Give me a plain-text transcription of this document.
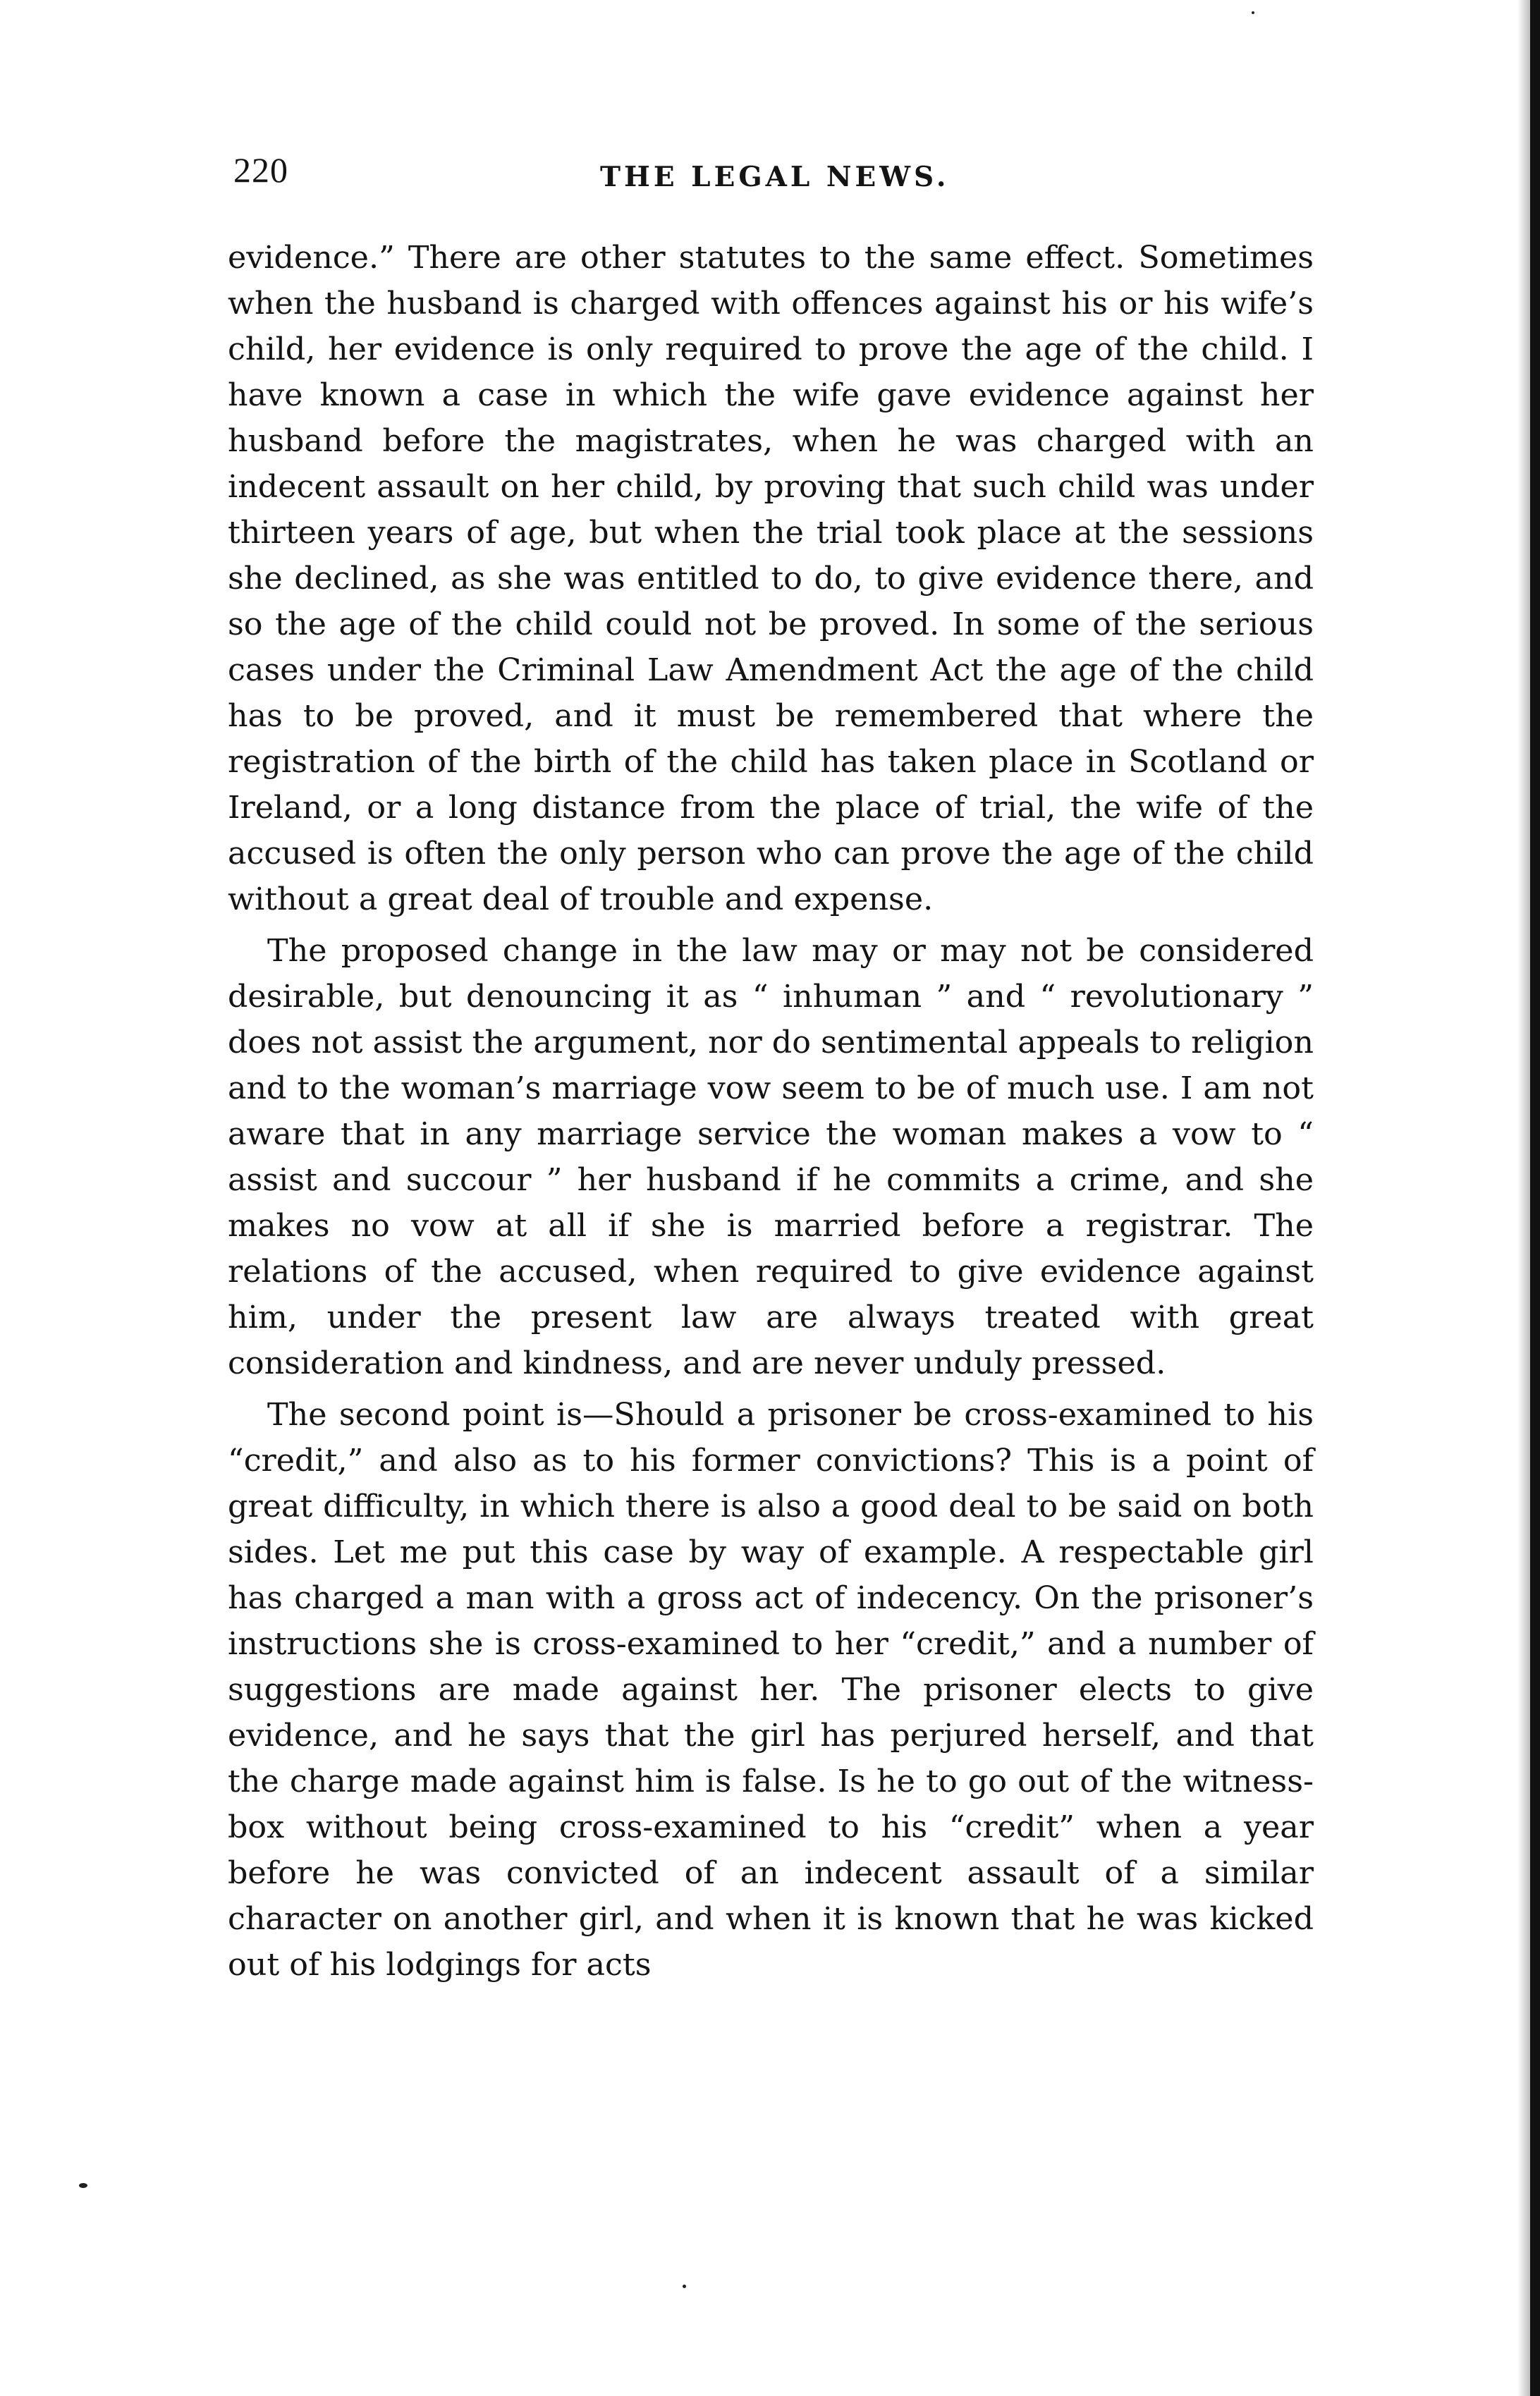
220	THE LEGAL NEWS.

evidence.” There are other statutes to the same effect. Sometimes when the husband is charged with offences against his or his wife’s child, her evidence is only required to prove the age of the child. I have known a case in which the wife gave evidence against her husband before the magistrates, when he was charged with an indecent assault on her child, by proving that such child was under thirteen years of age, but when the trial took place at the sessions she declined, as she was entitled to do, to give evidence there, and so the age of the child could not be proved. In some of the serious cases under the Criminal Law Amendment Act the age of the child has to be proved, and it must be remembered that where the registration of the birth of the child has taken place in Scotland or Ireland, or a long distance from the place of trial, the wife of the accused is often the only person who can prove the age of the child without a great deal of trouble and expense.

The proposed change in the law may or may not be considered desirable, but denouncing it as “ inhuman ” and “ revolutionary ” does not assist the argument, nor do sentimental appeals to religion and to the woman’s marriage vow seem to be of much use. I am not aware that in any marriage service the woman makes a vow to “ assist and succour ” her husband if he commits a crime, and she makes no vow at all if she is married before a registrar. The relations of the accused, when required to give evidence against him, under the present law are always treated with great consideration and kindness, and are never unduly pressed.

The second point is—Should a prisoner be cross-examined to his “credit,” and also as to his former convictions? This is a point of great difficulty, in which there is also a good deal to be said on both sides. Let me put this case by way of example. A respectable girl has charged a man with a gross act of indecency. On the prisoner’s instructions she is cross-examined to her “credit,” and a number of suggestions are made against her. The prisoner elects to give evidence, and he says that the girl has perjured herself, and that the charge made against him is false. Is he to go out of the witness-box without being cross-examined to his “credit” when a year before he was convicted of an indecent assault of a similar character on another girl, and when it is known that he was kicked out of his lodgings for acts
